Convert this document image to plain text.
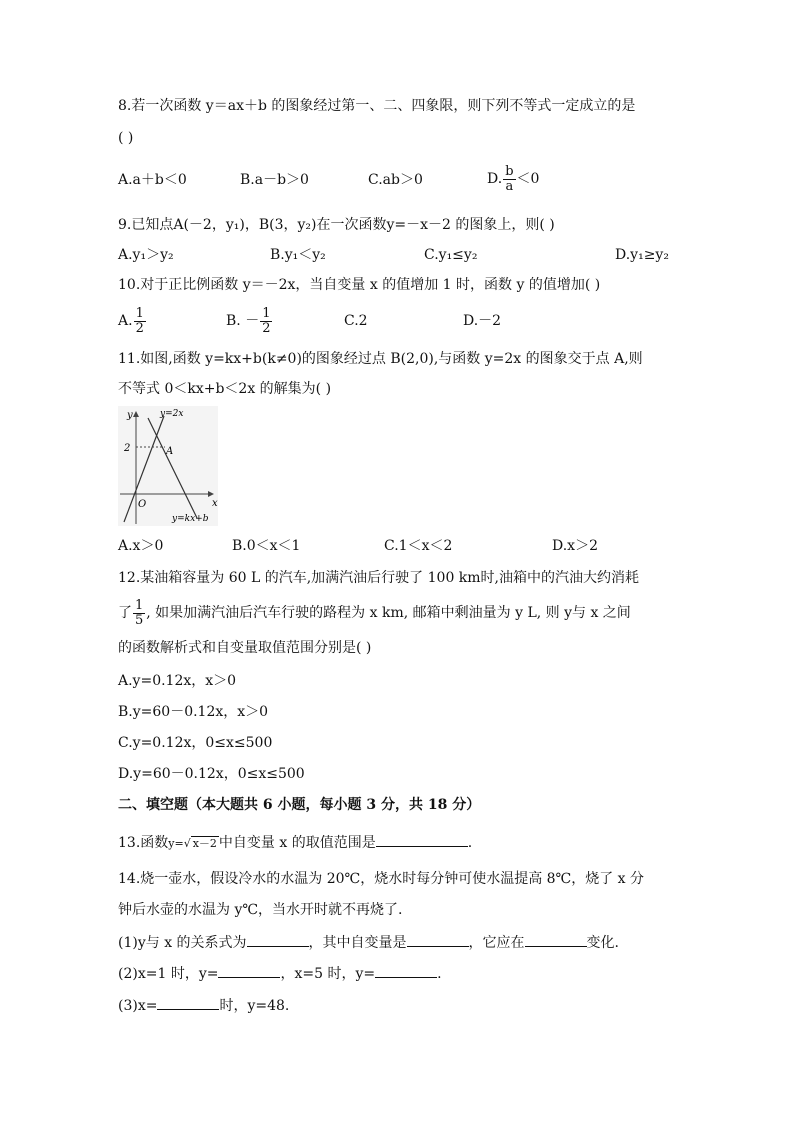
8.若一次函数 y＝ax＋b 的图象经过第一、二、四象限，则下列不等式一定成立的是
( )
A.a＋b＜0	B.a－b＞0	C.ab＞0	D. $\frac{b}{a} <0$
9.已知点A(－2，y₁)，B(3，y₂)在一次函数y=－x－2 的图象上，则( )
A.y₁＞y₂	B.y₁＜y₂	C.y₁≤y₂	D.y₁≥y₂
10.对于正比例函数 y＝－2x，当自变量 x 的值增加 1 时，函数 y 的值增加( )
A. $\frac{1}{2}$	B. － $\frac{1}{2}$	C.2	D.－2
11.如图,函数 y=kx+b(k≠0)的图象经过点 B(2,0),与函数 y=2x 的图象交于点 A,则
不等式 0＜kx+b＜2x 的解集为( )
y
x
O
2	A
y=2x
y=kx+b
A.x＞0	B.0＜x＜1	C.1＜x＜2	D.x＞2
12.某油箱容量为 60 L 的汽车,加满汽油后行驶了 100 km时,油箱中的汽油大约消耗
了 $\frac{1}{5}$ , 如果加满汽油后汽车行驶的路程为 x km, 邮箱中剩油量为 y L, 则 y与 x 之间
的函数解析式和自变量取值范围分别是( )
A.y=0.12x，x＞0
B.y=60－0.12x，x＞0
C.y=0.12x，0≤x≤500
D.y=60－0.12x，0≤x≤500
二、填空题（本大题共 6 小题，每小题 3 分，共 18 分）
13.函数y=√ x－2 中自变量 x 的取值范围是	.
14.烧一壶水，假设冷水的水温为 20℃，烧水时每分钟可使水温提高 8℃，烧了 x 分
钟后水壶的水温为 y℃，当水开时就不再烧了.
(1)y与 x 的关系式为	，其中自变量是	，它应在	变化.
(2)x=1 时，y=	，x=5 时，y=	.
(3)x=	时，y=48.
